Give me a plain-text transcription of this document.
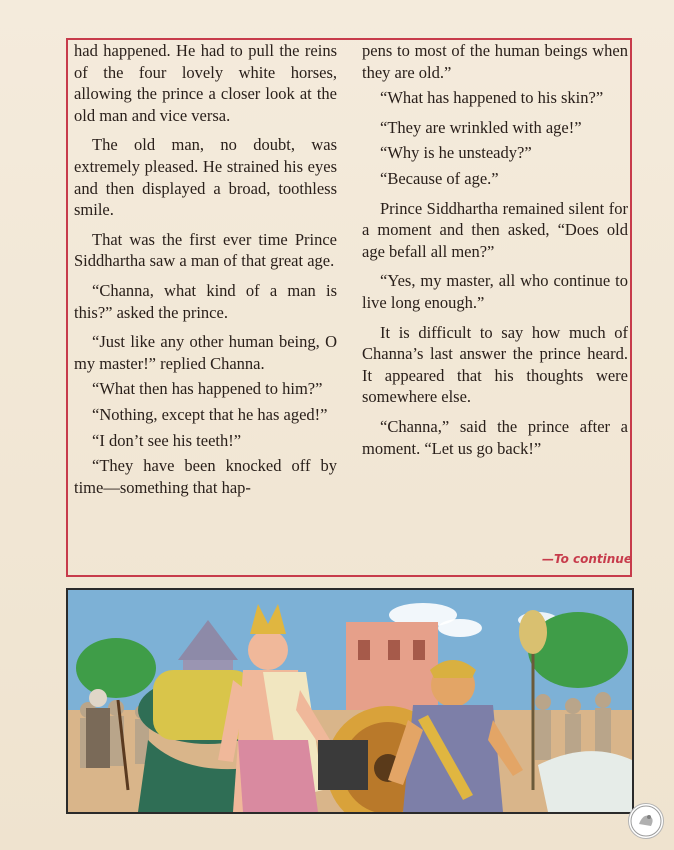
had happened. He had to pull the reins of the four lovely white horses, allowing the prince a closer look at the old man and vice versa.

The old man, no doubt, was extremely pleased. He strained his eyes and then displayed a broad, toothless smile.

That was the first ever time Prince Siddhartha saw a man of that great age.

“Channa, what kind of a man is this?” asked the prince.

“Just like any other human being, O my master!” replied Channa.

“What then has happened to him?”

“Nothing, except that he has aged!”

“I don’t see his teeth!”

“They have been knocked off by time—something that hap-

pens to most of the human beings when they are old.”

“What has happened to his skin?”

“They are wrinkled with age!”

“Why is he unsteady?”

“Because of age.”

Prince Siddhartha remained silent for a moment and then asked, “Does old age befall all men?”

“Yes, my master, all who continue to live long enough.”

It is difficult to say how much of Channa’s last answer the prince heard. It appeared that his thoughts were somewhere else.

“Channa,” said the prince after a moment. “Let us go back!”

—To continue
